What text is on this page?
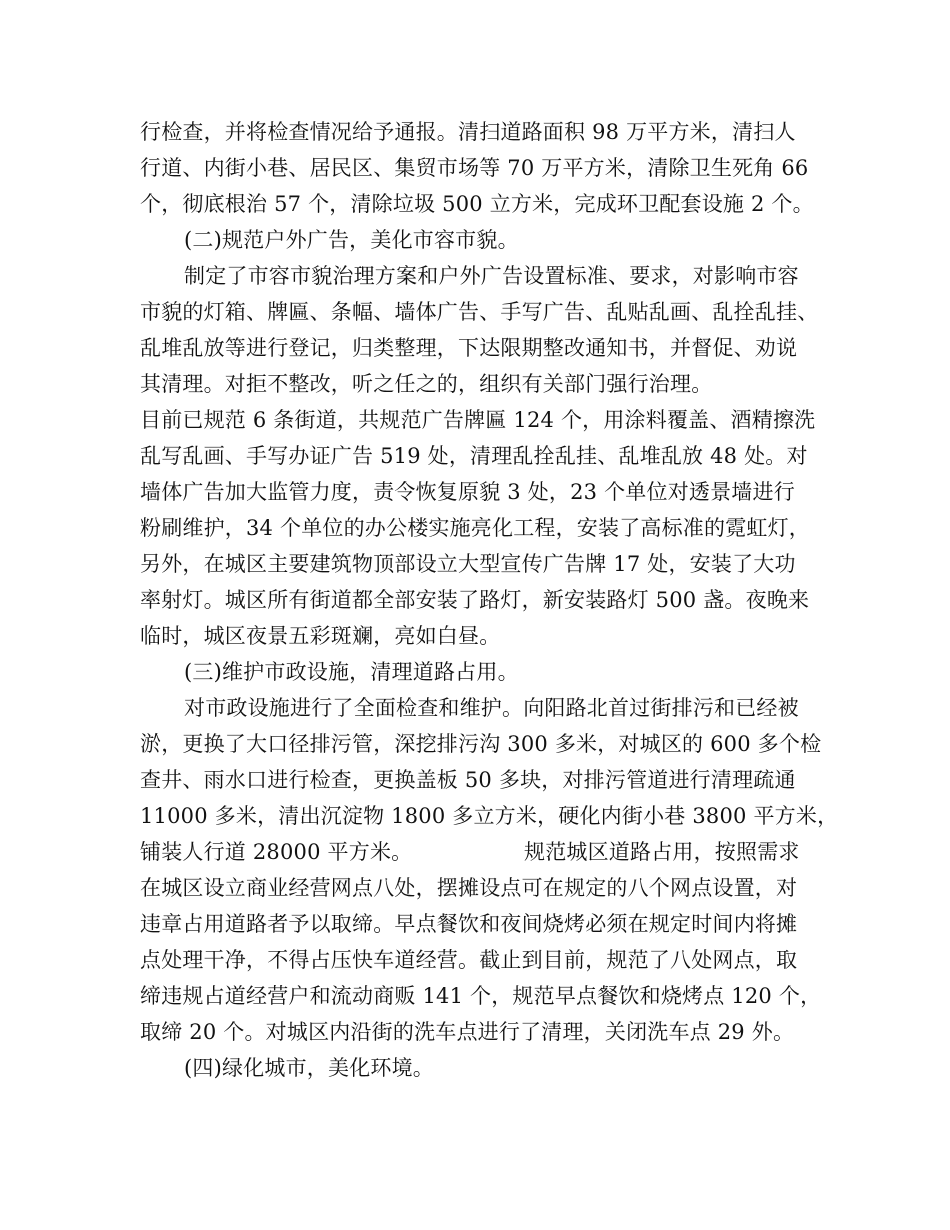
行检查，并将检查情况给予通报。清扫道路面积 98 万平方米，清扫人
行道、内街小巷、居民区、集贸市场等 70 万平方米，清除卫生死角 66
个，彻底根治 57 个，清除垃圾 500 立方米，完成环卫配套设施 2 个。
(二)规范户外广告，美化市容市貌。
制定了市容市貌治理方案和户外广告设置标准、要求，对影响市容
市貌的灯箱、牌匾、条幅、墙体广告、手写广告、乱贴乱画、乱拴乱挂、
乱堆乱放等进行登记，归类整理，下达限期整改通知书，并督促、劝说
其清理。对拒不整改，听之任之的，组织有关部门强行治理。
目前已规范 6 条街道，共规范广告牌匾 124 个，用涂料覆盖、酒精擦洗
乱写乱画、手写办证广告 519 处，清理乱拴乱挂、乱堆乱放 48 处。对
墙体广告加大监管力度，责令恢复原貌 3 处，23 个单位对透景墙进行
粉刷维护，34 个单位的办公楼实施亮化工程，安装了高标准的霓虹灯，
另外，在城区主要建筑物顶部设立大型宣传广告牌 17 处，安装了大功
率射灯。城区所有街道都全部安装了路灯，新安装路灯 500 盏。夜晚来
临时，城区夜景五彩斑斓，亮如白昼。
(三)维护市政设施，清理道路占用。
对市政设施进行了全面检查和维护。向阳路北首过街排污和已经被
淤，更换了大口径排污管，深挖排污沟 300 多米，对城区的 600 多个检
查井、雨水口进行检查，更换盖板 50 多块，对排污管道进行清理疏通
11000 多米，清出沉淀物 1800 多立方米，硬化内街小巷 3800 平方米，
铺装人行道 28000 平方米。	规范城区道路占用，按照需求
在城区设立商业经营网点八处，摆摊设点可在规定的八个网点设置，对
违章占用道路者予以取缔。早点餐饮和夜间烧烤必须在规定时间内将摊
点处理干净，不得占压快车道经营。截止到目前，规范了八处网点，取
缔违规占道经营户和流动商贩 141 个，规范早点餐饮和烧烤点 120 个，
取缔 20 个。对城区内沿街的洗车点进行了清理，关闭洗车点 29 外。
(四)绿化城市，美化环境。
